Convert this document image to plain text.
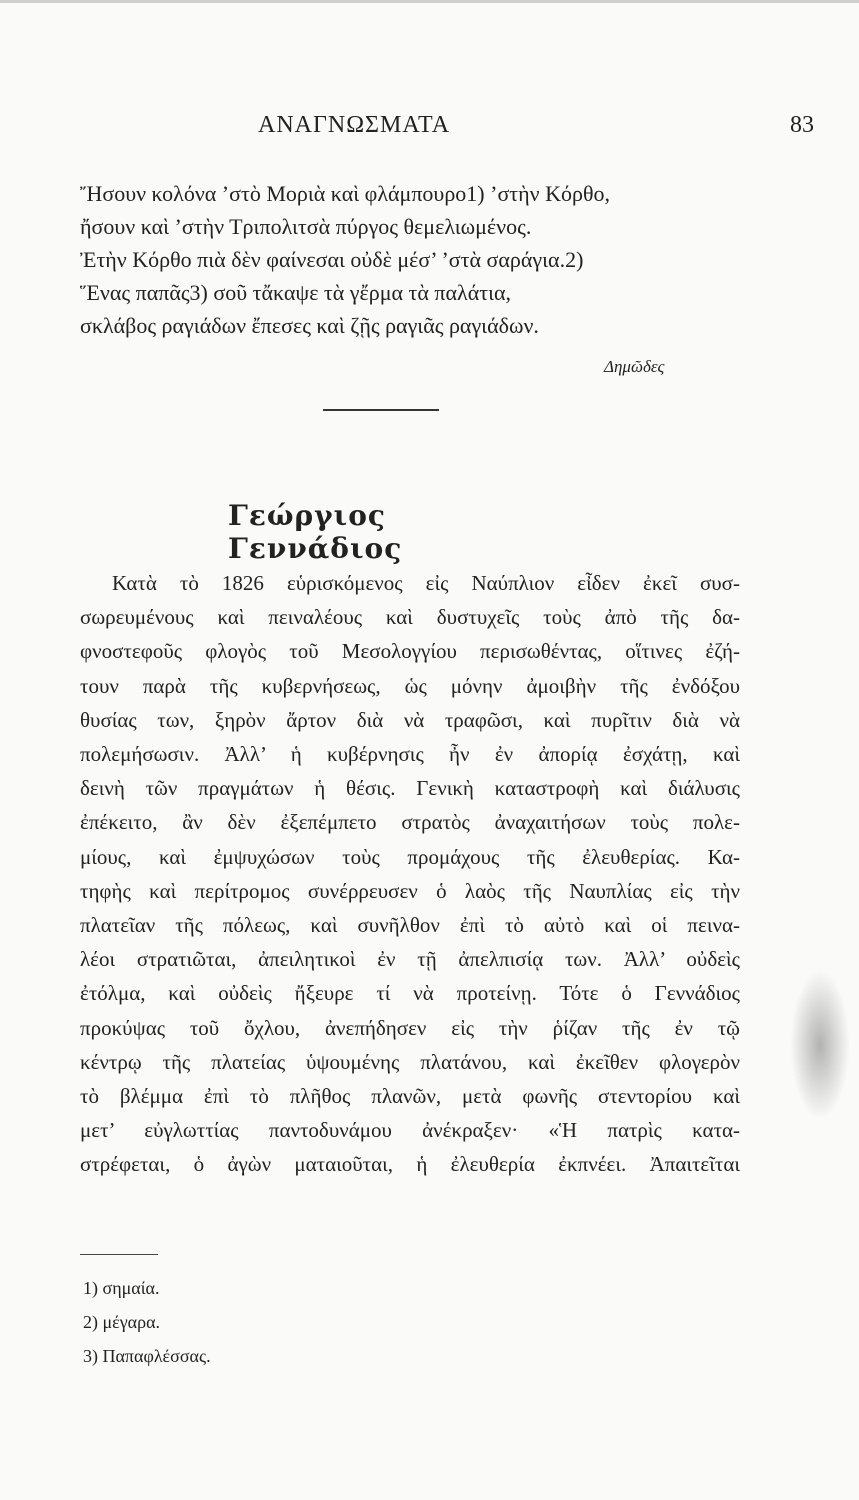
ΑΝΑΓΝΩΣΜΑΤΑ	83
Ἤσουν κολόνα ’στὸ Μοριὰ καὶ φλάμπουρο1) ’στὴν Κόρθο,
ἤσουν καὶ ’στὴν Τριπολιτσὰ πύργος θεμελιωμένος.
Ἐτὴν Κόρθο πιὰ δὲν φαίνεσαι οὐδὲ μέσ’ ’στὰ σαράγια.2)
Ἕνας παπᾶς3) σοῦ τἄκαψε τὰ γἔρμα τὰ παλάτια,
σκλάβος ραγιάδων ἔπεσες καὶ ζῇς ραγιᾶς ραγιάδων.
Δημῶδες
Γεώργιος Γεννάδιος
Κατὰ τὸ 1826 εὑρισκόμενος εἰς Ναύπλιον εἶδεν ἐκεῖ συσ-
σωρευμένους καὶ πειναλέους καὶ δυστυχεῖς τοὺς ἀπὸ τῆς δα-
φνοστεφοῦς φλογὸς τοῦ Μεσολογγίου περισωθέντας, οἵτινες ἐζή-
τουν παρὰ τῆς κυβερνήσεως, ὡς μόνην ἀμοιβὴν τῆς ἐνδόξου
θυσίας των, ξηρὸν ἄρτον διὰ νὰ τραφῶσι, καὶ πυρῖτιν διὰ νὰ
πολεμήσωσιν. Ἀλλ’ ἡ κυβέρνησις ἦν ἐν ἀπορίᾳ ἐσχάτῃ, καὶ
δεινὴ τῶν πραγμάτων ἡ θέσις. Γενικὴ καταστροφὴ καὶ διάλυσις
ἐπέκειτο, ἂν δὲν ἐξεπέμπετο στρατὸς ἀναχαιτήσων τοὺς πολε-
μίους, καὶ ἐμψυχώσων τοὺς προμάχους τῆς ἐλευθερίας. Κα-
τηφὴς καὶ περίτρομος συνέρρευσεν ὁ λαὸς τῆς Ναυπλίας εἰς τὴν
πλατεῖαν τῆς πόλεως, καὶ συνῆλθον ἐπὶ τὸ αὐτὸ καὶ οἱ πεινα-
λέοι στρατιῶται, ἀπειλητικοὶ ἐν τῇ ἀπελπισίᾳ των. Ἀλλ’ οὐδεὶς
ἐτόλμα, καὶ οὐδεὶς ἤξευρε τί νὰ προτείνῃ. Τότε ὁ Γεννάδιος
προκύψας τοῦ ὄχλου, ἀνεπήδησεν εἰς τὴν ῥίζαν τῆς ἐν τῷ
κέντρῳ τῆς πλατείας ὑψουμένης πλατάνου, καὶ ἐκεῖθεν φλογερὸν
τὸ βλέμμα ἐπὶ τὸ πλῆθος πλανῶν, μετὰ φωνῆς στεντορίου καὶ
μετ’ εὐγλωττίας παντοδυνάμου ἀνέκραξεν· «Ἡ πατρὶς κατα-
στρέφεται, ὁ ἀγὼν ματαιοῦται, ἡ ἐλευθερία ἐκπνέει. Ἀπαιτεῖται
1) σημαία.
2) μέγαρα.
3) Παπαφλέσσας.
